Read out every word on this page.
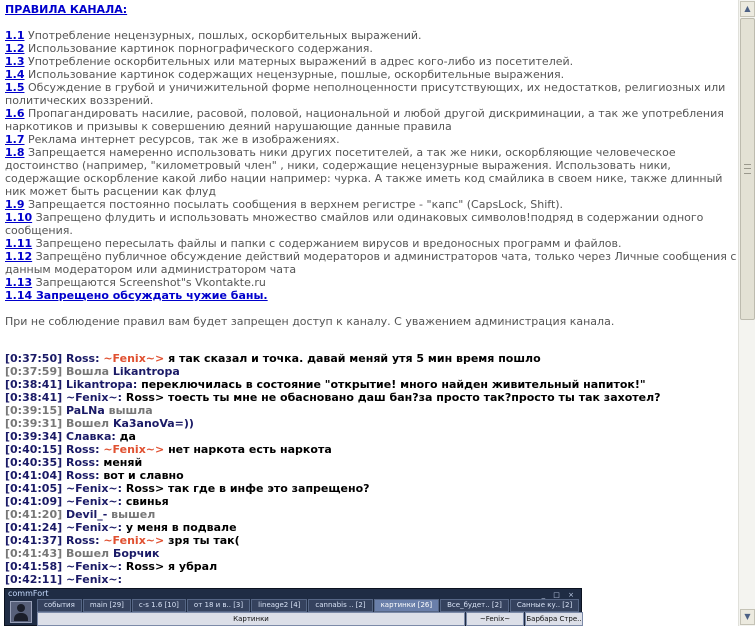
ПРАВИЛА КАНАЛА:
1.1 Употребление нецензурных, пошлых, оскорбительных выражений.
1.2 Использование картинок порнографического содержания.
1.3 Употребление оскорбительных или матерных выражений в адрес кого-либо из посетителей.
1.4 Использование картинок содержащих нецензурные, пошлые, оскорбительные выражения.
1.5 Обсуждение в грубой и уничижительной форме неполноценности присутствующих, их недостатков, религиозных или политических воззрений.
1.6 Пропагандировать насилие, расовой, половой, национальной и любой другой дискриминации, а так же употребления наркотиков и призывы к совершению деяний нарушающие данные правила
1.7 Реклама интернет ресурсов, так же в изображениях.
1.8 Запрещается намеренно использовать ники других посетителей, а так же ники, оскорбляющие человеческое достоинство (например, "километровый член" , ники, содержащие нецензурные выражения. Использовать ники, содержащие оскорбление какой либо нации например: чурка. А также иметь код смайлика в своем нике, также длинный ник может быть расцении как флуд
1.9 Запрещается постоянно посылать сообщения в верхнем регистре - "капс" (CapsLock, Shift).
1.10 Запрещено флудить и использовать множество смайлов или одинаковых символов!подряд в содержании одного сообщения.
1.11 Запрещено пересылать файлы и папки с содержанием вирусов и вредоносных программ и файлов.
1.12 Запрещёно публичное обсуждение действий модераторов и администраторов чата, только через Личные сообщения с данным модератором или администратором чата
1.13 Запрещаются Screenshot"s Vkontakte.ru
1.14 Запрещено обсуждать чужие баны.
При не соблюдение правил вам будет запрещен доступ к каналу. С уважением администрация канала.
[0:37:50] Ross: ~Fenix~> я так сказал и точка. давай меняй утя 5 мин время пошло
[0:37:59] Вошла Likantropa
[0:38:41] Likantropa: переключилась в состояние "открытие! много найден живительный напиток!"
[0:38:41] ~Fenix~: Ross> тоесть ты мне не обасновано даш бан?за просто так?просто ты так захотел?
[0:39:15] PaLNa вышла
[0:39:31] Вошел Ka3anoVa=))
[0:39:34] Славка: да
[0:40:15] Ross: ~Fenix~> нет наркота есть наркота
[0:40:35] Ross: меняй
[0:41:04] Ross: вот и славно
[0:41:05] ~Fenix~: Ross> так где в инфе это запрещено?
[0:41:09] ~Fenix~: свинья
[0:41:20] Devil_- вышел
[0:41:24] ~Fenix~: у меня в подвале
[0:41:37] Ross: ~Fenix~> зря ты так(
[0:41:43] Вошел Борчик
[0:41:58] ~Fenix~: Ross> я убрал
[0:42:11] ~Fenix~:
▲
▼
commFort	_ □ ×
события main [29] c-s 1.6 [10] от 18 и в.. [3] lineage2 [4] cannabis .. [2] картинки [26] Все_будет.. [2] Санные ку.. [2]
Картинки	~Fenix~ Барбара Стре..
